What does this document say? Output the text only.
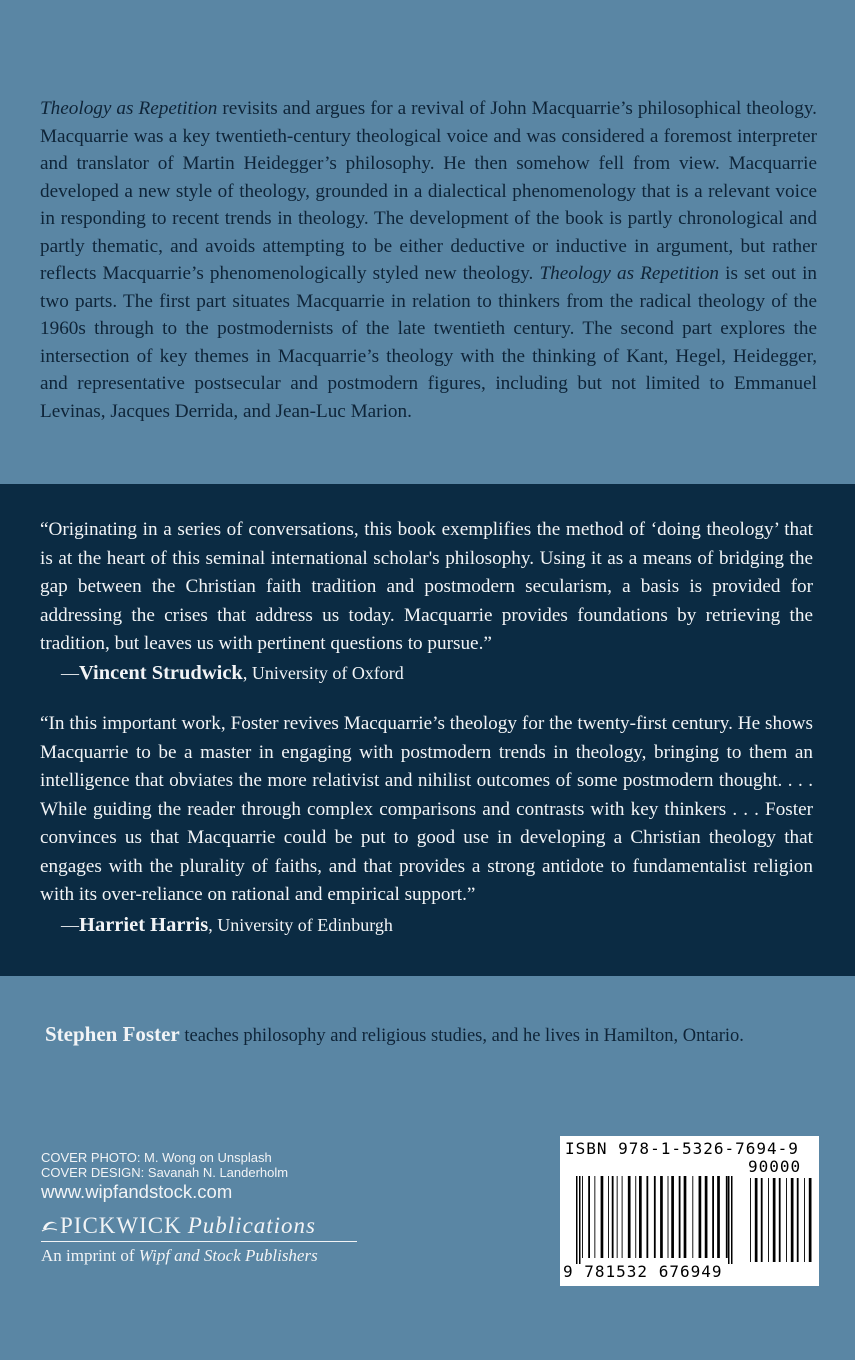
Theology as Repetition revisits and argues for a revival of John Macquarrie’s philosophical theology. Macquarrie was a key twentieth-century theological voice and was considered a foremost interpreter and translator of Martin Heidegger’s philosophy. He then somehow fell from view. Macquarrie developed a new style of theology, grounded in a dialectical phenomenology that is a relevant voice in responding to recent trends in theology. The development of the book is partly chronological and partly thematic, and avoids attempting to be either deductive or inductive in argument, but rather reflects Macquarrie’s phenomenologically styled new theology. Theology as Repetition is set out in two parts. The first part situates Macquarrie in relation to thinkers from the radical theology of the 1960s through to the postmodernists of the late twentieth century. The second part explores the intersection of key themes in Macquarrie’s theology with the thinking of Kant, Hegel, Heidegger, and representative postsecular and postmodern figures, including but not limited to Emmanuel Levinas, Jacques Derrida, and Jean-Luc Marion.

“Originating in a series of conversations, this book exemplifies the method of ‘doing theology’ that is at the heart of this seminal international scholar's philosophy. Using it as a means of bridging the gap between the Christian faith tradition and postmodern secularism, a basis is provided for addressing the crises that address us today. Macquarrie provides foundations by retrieving the tradition, but leaves us with pertinent questions to pursue.”

—Vincent Strudwick, University of Oxford

“In this important work, Foster revives Macquarrie’s theology for the twenty-first century. He shows Macquarrie to be a master in engaging with postmodern trends in theology, bringing to them an intelligence that obviates the more relativist and nihilist outcomes of some postmodern thought. . . . While guiding the reader through complex comparisons and contrasts with key thinkers . . . Foster convinces us that Macquarrie could be put to good use in developing a Christian theology that engages with the plurality of faiths, and that provides a strong antidote to fundamentalist religion with its over-reliance on rational and empirical support.”

—Harriet Harris, University of Edinburgh

Stephen Foster teaches philosophy and religious studies, and he lives in Hamilton, Ontario.

COVER PHOTO: M. Wong on Unsplash
COVER DESIGN: Savanah N. Landerholm
www.wipfandstock.com
PICKWICK Publications
An imprint of Wipf and Stock Publishers
ISBN 978-1-5326-7694-9
90000
9 781532 676949
